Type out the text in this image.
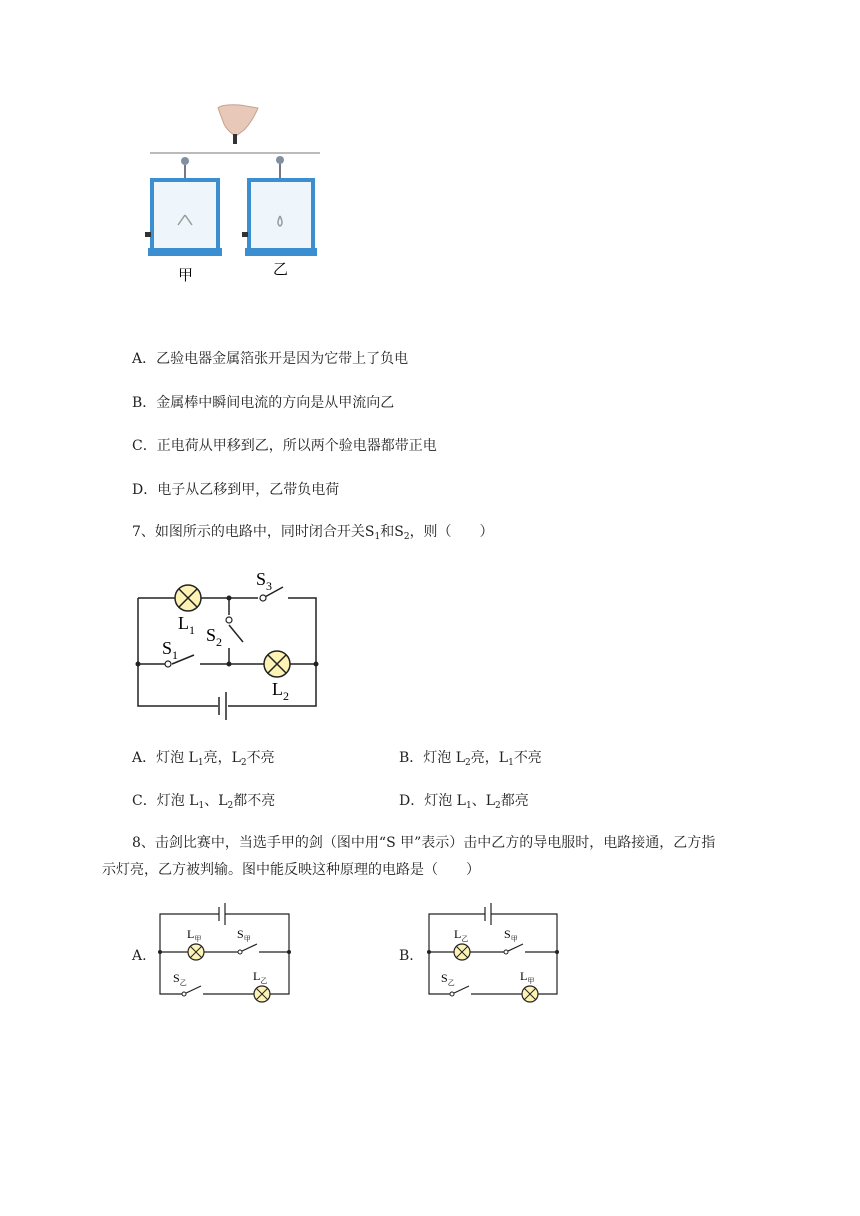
甲	乙
A．乙验电器金属箔张开是因为它带上了负电
B．金属棒中瞬间电流的方向是从甲流向乙
C．正电荷从甲移到乙，所以两个验电器都带正电
D．电子从乙移到甲，乙带负电荷
7、如图所示的电路中，同时闭合开关$S_1$和$S_2$，则（　　）
$L_1$ $S_2$
$S_1$
$S_3$
$L_2$
A．灯泡 $L_1$亮，$L_2$不亮	B．灯泡 $L_2$亮，$L_1$不亮
C．灯泡 $L_1$、$L_2$都不亮	D．灯泡 $L_1$、$L_2$都亮
8、击剑比赛中，当选手甲的剑（图中用“S 甲”表示）击中乙方的导电服时，电路接通，乙方指
示灯亮，乙方被判输。图中能反映这种原理的电路是（　　）
A.
$L_甲$	$S_甲$
$S_乙$	$L_乙$
B.
$L_乙$	$S_甲$
$S_乙$	$L_甲$
